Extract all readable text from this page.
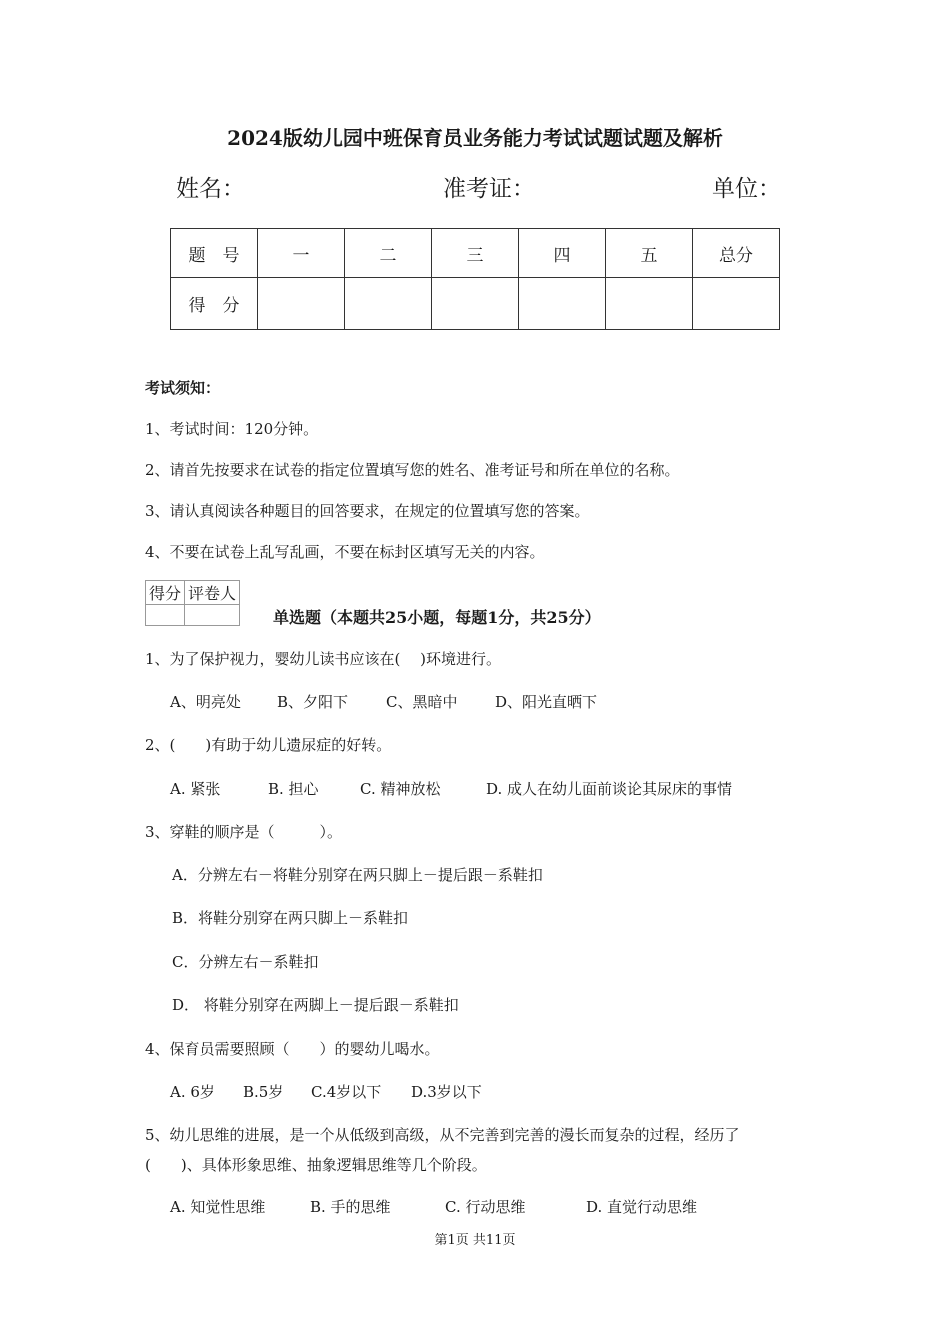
2024版幼儿园中班保育员业务能力考试试题试题及解析
姓名：	准考证：	单位：
题　号	一	二	三	四	五	总分
得　分						
考试须知：
1、考试时间：120分钟。
2、请首先按要求在试卷的指定位置填写您的姓名、准考证号和所在单位的名称。
3、请认真阅读各种题目的回答要求，在规定的位置填写您的答案。
4、不要在试卷上乱写乱画，不要在标封区填写无关的内容。
得分	评卷人

单选题（本题共25小题，每题1分，共25分）
1、为了保护视力，婴幼儿读书应该在(　 )环境进行。
A、明亮处 B、夕阳下	C、黑暗中	D、阳光直晒下
2、(　　)有助于幼儿遗尿症的好转。
A. 紧张	B. 担心	C. 精神放松	D. 成人在幼儿面前谈论其尿床的事情
3、穿鞋的顺序是（　　　）。
A．分辨左右－将鞋分别穿在两只脚上－提后跟－系鞋扣
B．将鞋分别穿在两只脚上－系鞋扣
C．分辨左右－系鞋扣
D． 将鞋分别穿在两脚上－提后跟－系鞋扣
4、保育员需要照顾（　　）的婴幼儿喝水。
A. 6岁 B.5岁 C.4岁以下 D.3岁以下
5、幼儿思维的进展，是一个从低级到高级，从不完善到完善的漫长而复杂的过程，经历了
(　　)、具体形象思维、抽象逻辑思维等几个阶段。
A. 知觉性思维	B. 手的思维	C. 行动思维	D. 直觉行动思维
第1页 共11页
